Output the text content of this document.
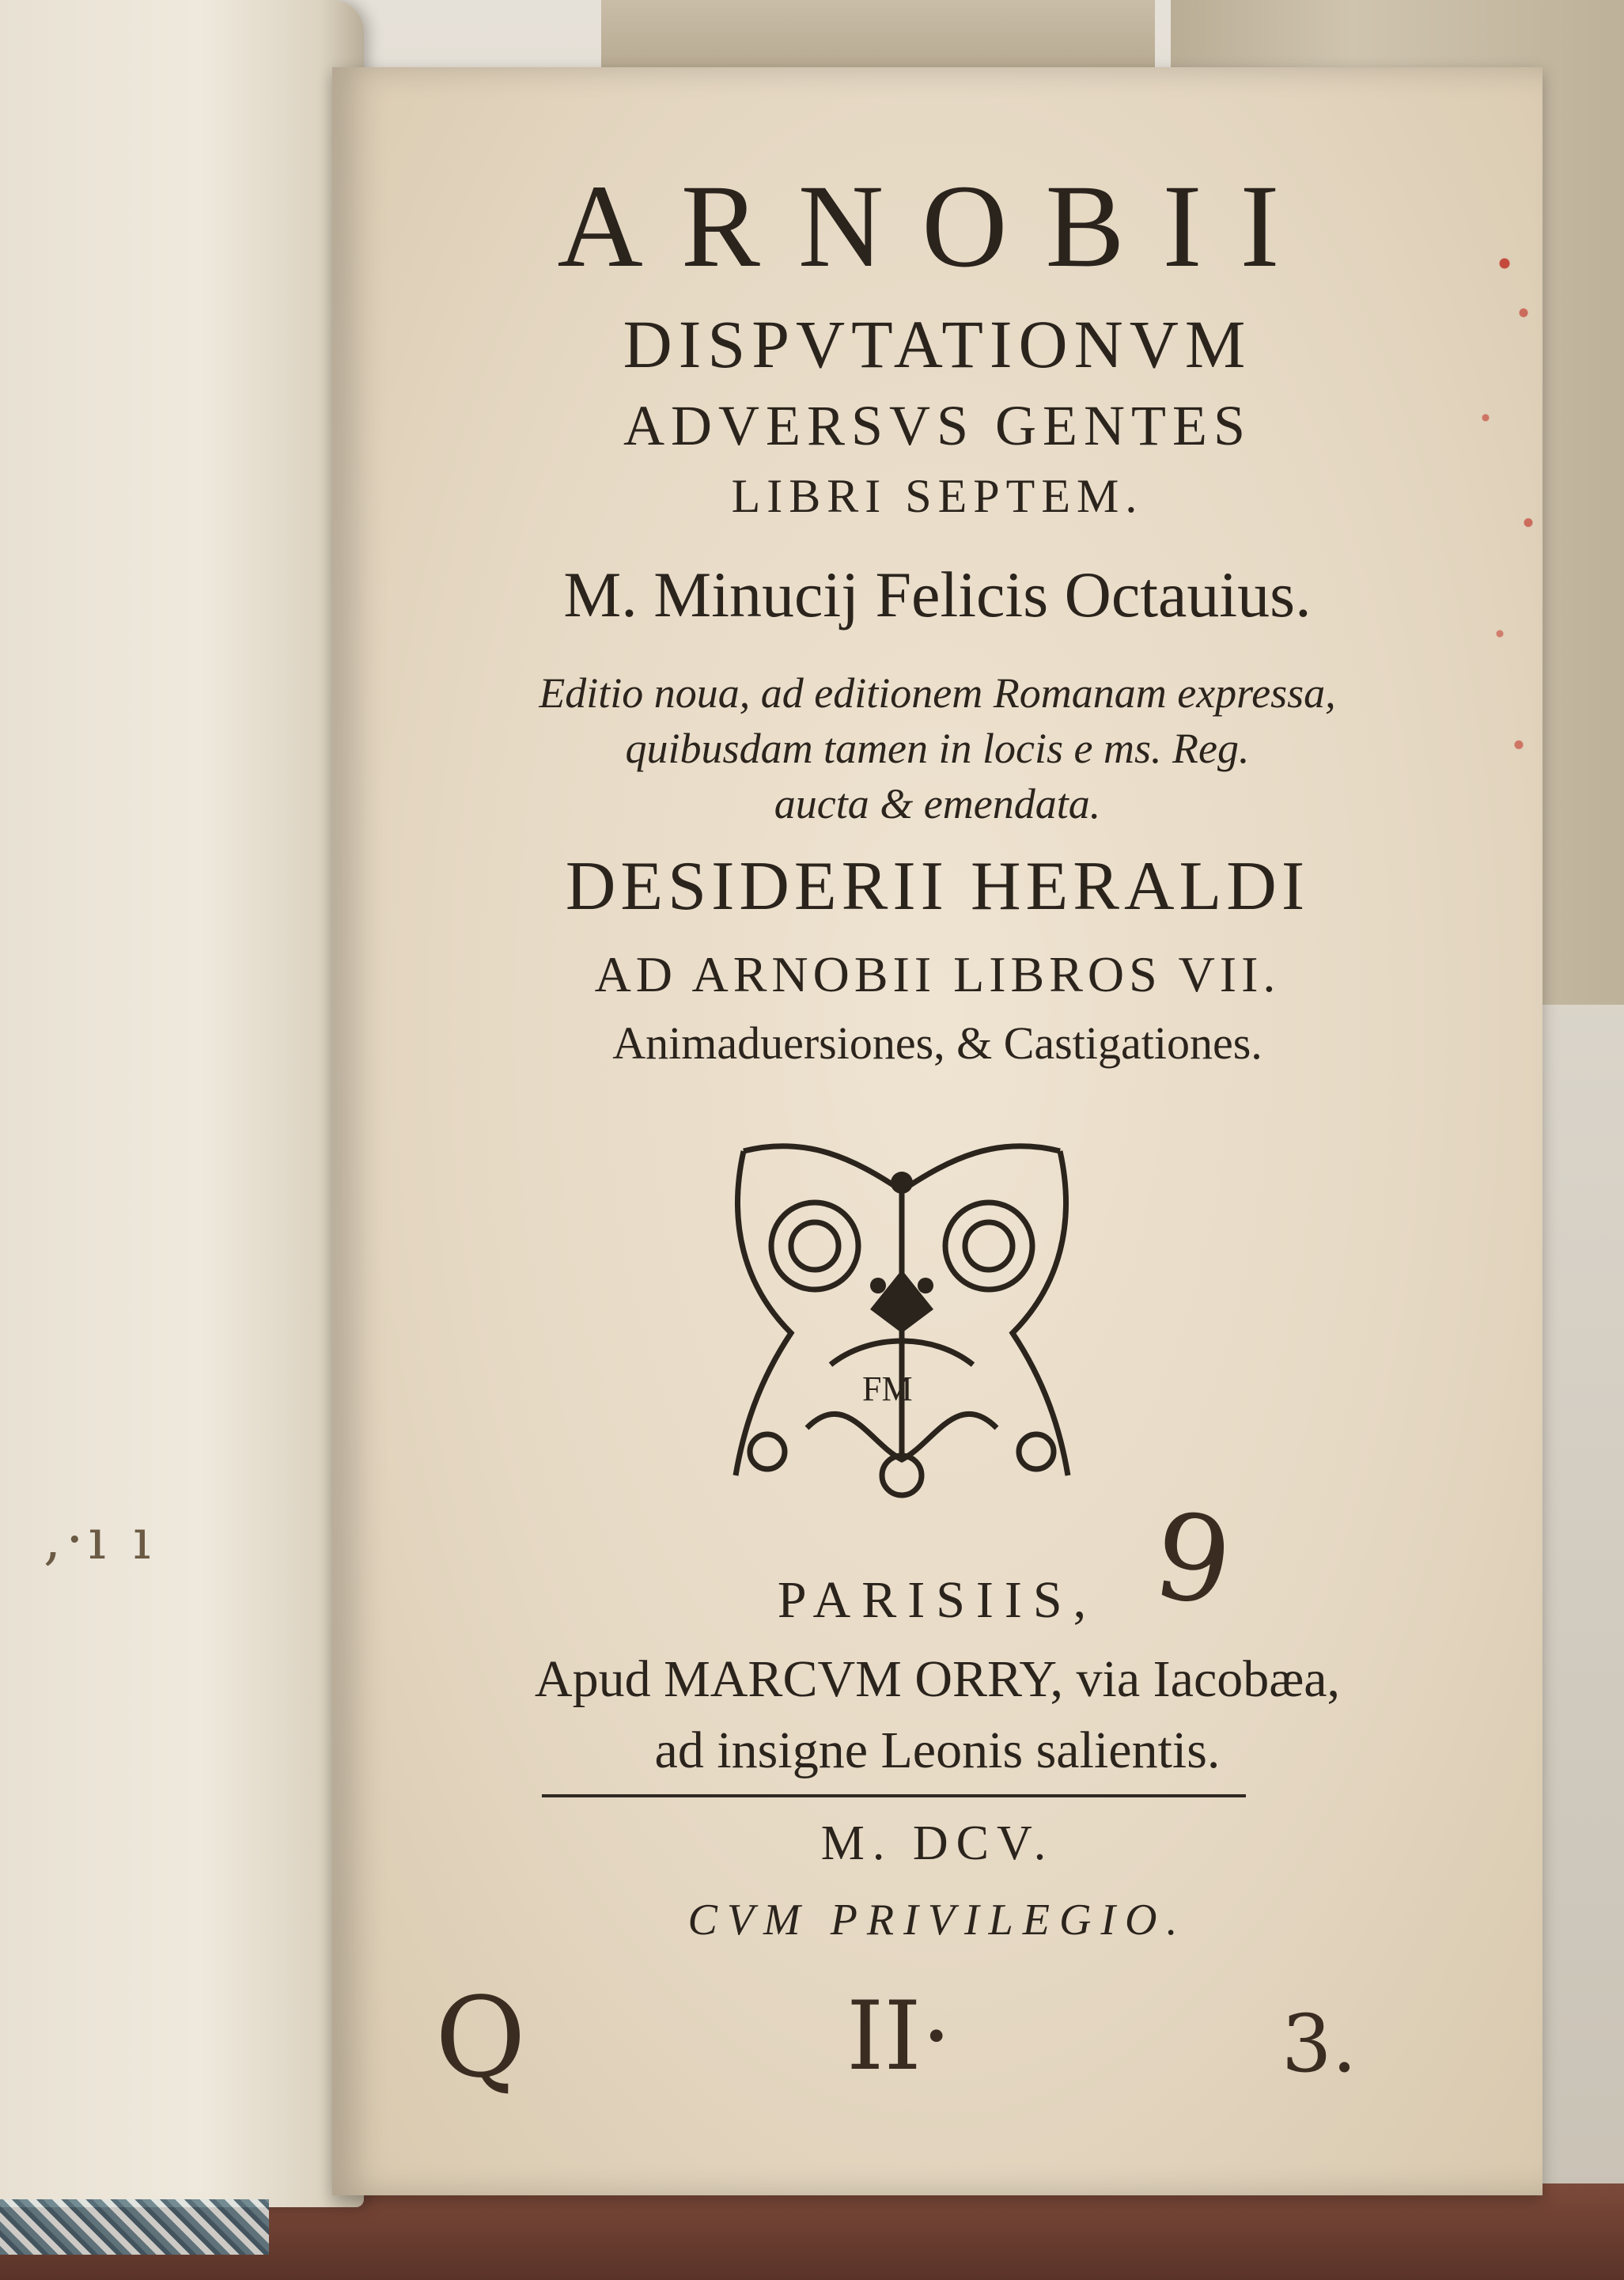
,·ı ı
ARNOBII
DISPVTATIONVM
ADVERSVS GENTES
LIBRI SEPTEM.
M. Minucij Felicis Octauius.
Editio noua, ad editionem Romanam expressa,
quibusdam tamen in locis e ms. Reg.
aucta & emendata.
DESIDERII HERALDI
AD ARNOBII LIBROS VII.
Animaduersiones, & Castigationes.
FM
PARISIIS,
Apud MARCVM ORRY, via Iacobæa,
ad insigne Leonis salientis.
M. DCV.
CVM PRIVILEGIO.
9
Q	II·	3.
